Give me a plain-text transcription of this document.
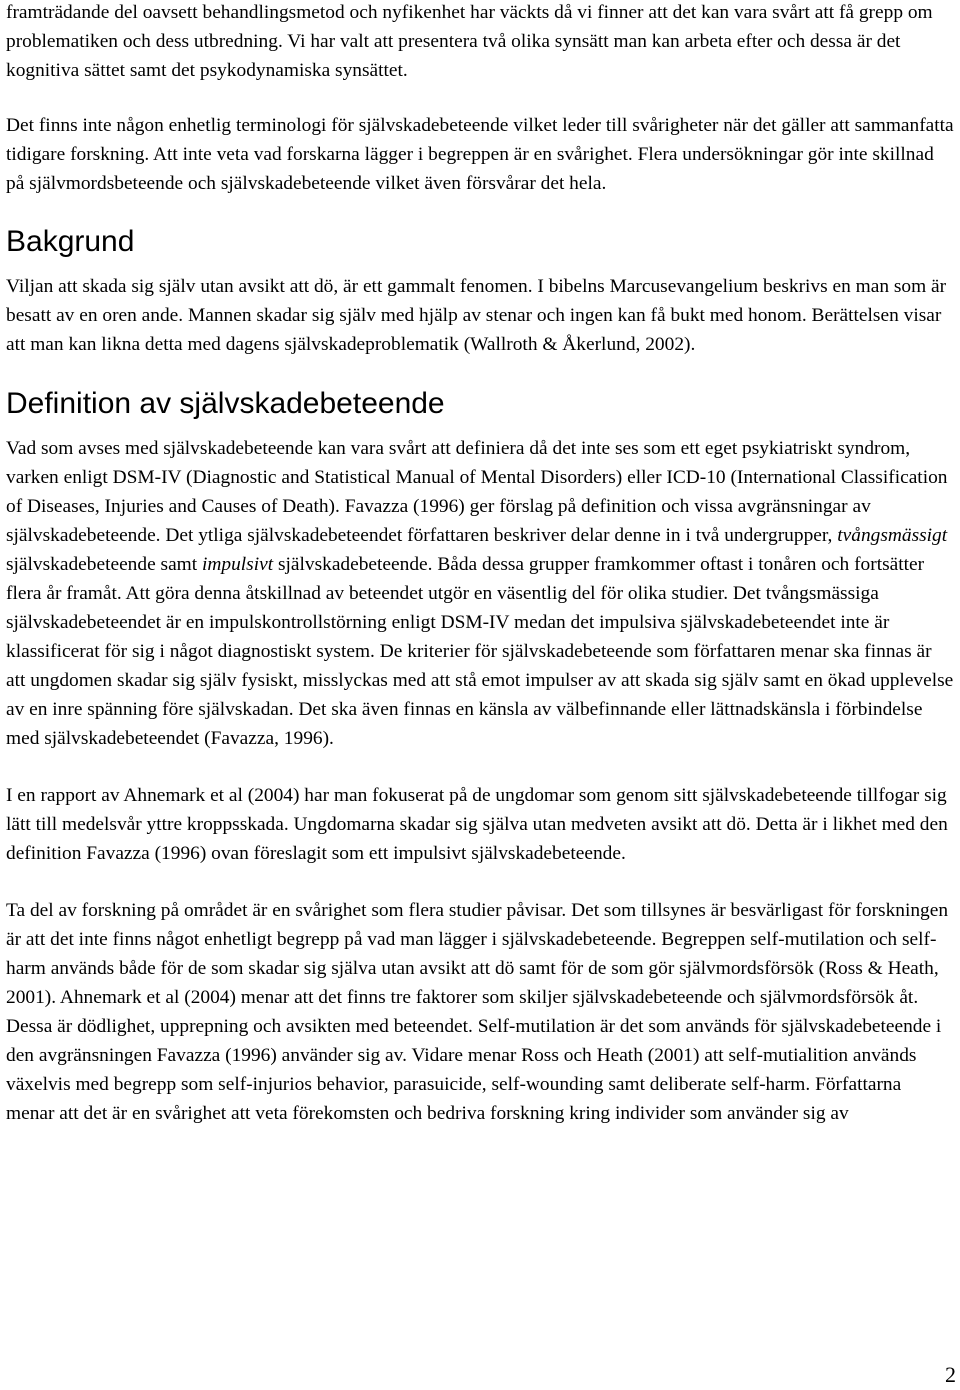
framträdande del oavsett behandlingsmetod och nyfikenhet har väckts då vi finner att det kan vara svårt att få grepp om problematiken och dess utbredning. Vi har valt att presentera två olika synsätt man kan arbeta efter och dessa är det kognitiva sättet samt det psykodynamiska synsättet.

Det finns inte någon enhetlig terminologi för självskadebeteende vilket leder till svårigheter när det gäller att sammanfatta tidigare forskning. Att inte veta vad forskarna lägger i begreppen är en svårighet. Flera undersökningar gör inte skillnad på självmordsbeteende och självskadebeteende vilket även försvårar det hela.

Bakgrund

Viljan att skada sig själv utan avsikt att dö, är ett gammalt fenomen. I bibelns Marcusevangelium beskrivs en man som är besatt av en oren ande. Mannen skadar sig själv med hjälp av stenar och ingen kan få bukt med honom. Berättelsen visar att man kan likna detta med dagens självskadeproblematik (Wallroth & Åkerlund, 2002).

Definition av självskadebeteende

Vad som avses med självskadebeteende kan vara svårt att definiera då det inte ses som ett eget psykiatriskt syndrom, varken enligt DSM-IV (Diagnostic and Statistical Manual of Mental Disorders) eller ICD-10 (International Classification of Diseases, Injuries and Causes of Death). Favazza (1996) ger förslag på definition och vissa avgränsningar av självskadebeteende. Det ytliga självskadebeteendet författaren beskriver delar denne in i två undergrupper, tvångsmässigt självskadebeteende samt impulsivt självskadebeteende. Båda dessa grupper framkommer oftast i tonåren och fortsätter flera år framåt. Att göra denna åtskillnad av beteendet utgör en väsentlig del för olika studier. Det tvångsmässiga självskadebeteendet är en impulskontrollstörning enligt DSM-IV medan det impulsiva självskadebeteendet inte är klassificerat för sig i något diagnostiskt system. De kriterier för självskadebeteende som författaren menar ska finnas är att ungdomen skadar sig själv fysiskt, misslyckas med att stå emot impulser av att skada sig själv samt en ökad upplevelse av en inre spänning före självskadan. Det ska även finnas en känsla av välbefinnande eller lättnadskänsla i förbindelse med självskadebeteendet (Favazza, 1996).

I en rapport av Ahnemark et al (2004) har man fokuserat på de ungdomar som genom sitt självskadebeteende tillfogar sig lätt till medelsvår yttre kroppsskada. Ungdomarna skadar sig själva utan medveten avsikt att dö. Detta är i likhet med den definition Favazza (1996) ovan föreslagit som ett impulsivt självskadebeteende.

Ta del av forskning på området är en svårighet som flera studier påvisar. Det som tillsynes är besvärligast för forskningen är att det inte finns något enhetligt begrepp på vad man lägger i självskadebeteende. Begreppen self-mutilation och self-harm används både för de som skadar sig själva utan avsikt att dö samt för de som gör självmordsförsök (Ross & Heath, 2001). Ahnemark et al (2004) menar att det finns tre faktorer som skiljer självskadebeteende och självmordsförsök åt. Dessa är dödlighet, upprepning och avsikten med beteendet. Self-mutilation är det som används för självskadebeteende i den avgränsningen Favazza (1996) använder sig av. Vidare menar Ross och Heath (2001) att self-mutialition används växelvis med begrepp som self-injurios behavior, parasuicide, self-wounding samt deliberate self-harm. Författarna menar att det är en svårighet att veta förekomsten och bedriva forskning kring individer som använder sig av

2
